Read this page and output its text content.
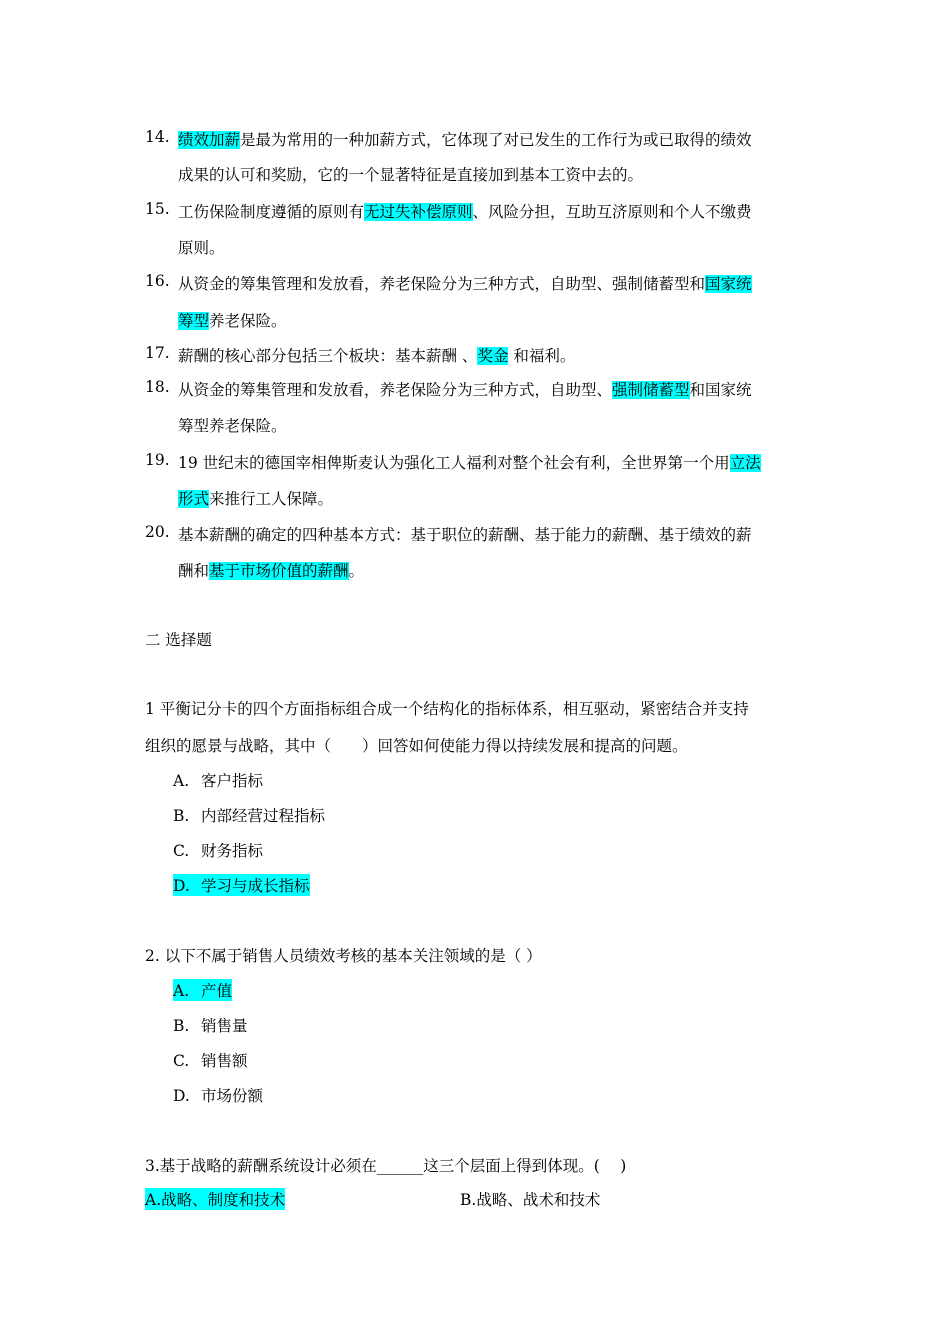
14. 绩效加薪是最为常用的一种加薪方式，它体现了对已发生的工作行为或已取得的绩效
成果的认可和奖励，它的一个显著特征是直接加到基本工资中去的。
15. 工伤保险制度遵循的原则有无过失补偿原则、风险分担，互助互济原则和个人不缴费
原则。
16. 从资金的筹集管理和发放看，养老保险分为三种方式，自助型、强制储蓄型和国家统
筹型养老保险。
17. 薪酬的核心部分包括三个板块：基本薪酬 、奖金 和福利。
18. 从资金的筹集管理和发放看，养老保险分为三种方式，自助型、强制储蓄型和国家统
筹型养老保险。
19. 19 世纪末的德国宰相俾斯麦认为强化工人福利对整个社会有利，全世界第一个用立法
形式来推行工人保障。
20. 基本薪酬的确定的四种基本方式：基于职位的薪酬、基于能力的薪酬、基于绩效的薪
酬和基于市场价值的薪酬。
二 选择题
1 平衡记分卡的四个方面指标组合成一个结构化的指标体系，相互驱动，紧密结合并支持
组织的愿景与战略，其中（　　）回答如何使能力得以持续发展和提高的问题。
A. 客户指标
B. 内部经营过程指标
C. 财务指标
D. 学习与成长指标
2. 以下不属于销售人员绩效考核的基本关注领域的是（ ）
A. 产值
B. 销售量
C. 销售额
D. 市场份额
3.基于战略的薪酬系统设计必须在______这三个层面上得到体现。(　 )
A.战略、制度和技术	B.战略、战术和技术
